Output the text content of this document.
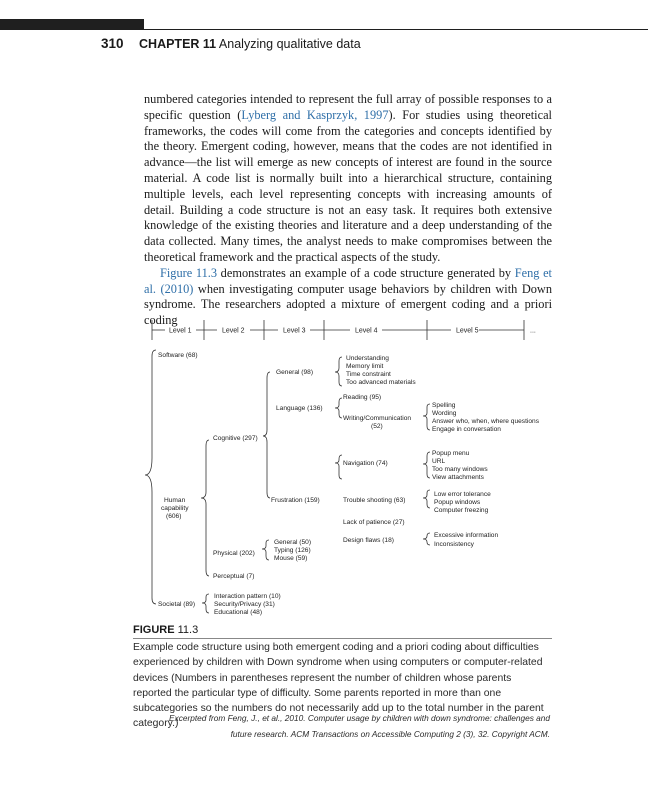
310 CHAPTER 11 Analyzing qualitative data

numbered categories intended to represent the full array of possible responses to a specific question (Lyberg and Kasprzyk, 1997). For studies using theoretical frameworks, the codes will come from the categories and concepts identified by the theory. Emergent coding, however, means that the codes are not identified in advance—the list will emerge as new concepts of interest are found in the source material. A code list is normally built into a hierarchical structure, containing multiple levels, each level representing concepts with increasing amounts of detail. Building a code structure is not an easy task. It requires both extensive knowledge of the existing theories and literature and a deep understanding of the data collected. Many times, the analyst needs to make compromises between the theoretical framework and the practical aspects of the study.

Figure 11.3 demonstrates an example of a code structure generated by Feng et al. (2010) when investigating computer usage behaviors by children with Down syndrome. The researchers adopted a mixture of emergent coding and a priori coding

Level 1	Level 2	Level 3	Level 4	Level 5	...
Software (68)
Human
capability
(606)
Societal (89)
Cognitive (297)
Physical (202)
Perceptual (7)
General (98)
Language (136)
Frustration (159)
Understanding
Memory limit
Time constraint
Too advanced materials
Reading (95)
Writing/Communication
(52)
Spelling
Wording
Answer who, when, where questions
Engage in conversation
Navigation (74)
Popup menu
URL
Too many windows
View attachments
Trouble shooting (63)
Low error tolerance
Popup windows
Computer freezing
Lack of patience (27)
Design flaws (18)
Excessive information
Inconsistency
General (50)
Typing (126)
Mouse (59)
Interaction pattern (10)
Security/Privacy (31)
Educational (48)
FIGURE 11.3
Example code structure using both emergent coding and a priori coding about difficulties experienced by children with Down syndrome when using computers or computer-related devices (Numbers in parentheses represent the number of children whose parents reported the particular type of difficulty. Some parents reported in more than one subcategories so the numbers do not necessarily add up to the total number in the parent category.)
Excerpted from Feng, J., et al., 2010. Computer usage by children with down syndrome: challenges and future research. ACM Transactions on Accessible Computing 2 (3), 32. Copyright ACM.
